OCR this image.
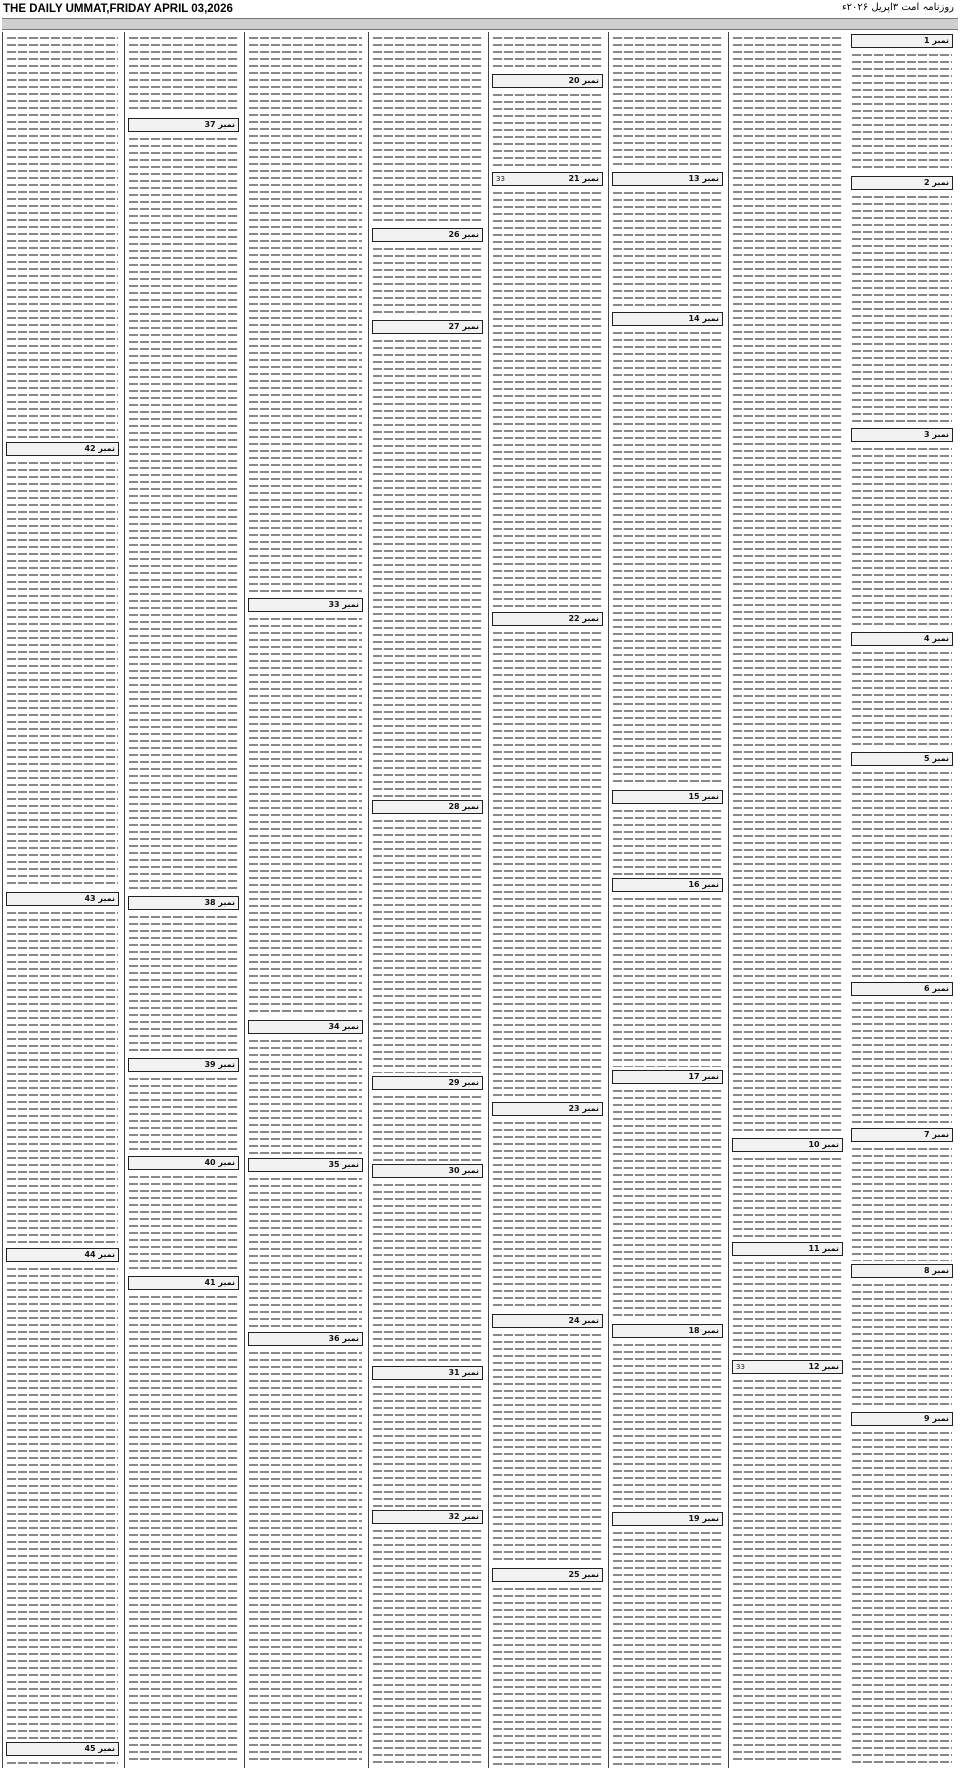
THE DAILY UMMAT,FRIDAY APRIL 03,2026	روزنامہ امت ۳اپریل ۲۰۲۶ء
نمبر 1
نمبر 2
نمبر 3
نمبر 4
نمبر 5
نمبر 6
نمبر 7
نمبر 8
نمبر 9
نمبر 10
نمبر 11
نمبر 12
33
نمبر 13
نمبر 14
نمبر 15
نمبر 16
نمبر 17
نمبر 18
نمبر 19
نمبر 20
نمبر 21
33
نمبر 22
نمبر 23
نمبر 24
نمبر 25
نمبر 26
نمبر 27
نمبر 28
نمبر 29
نمبر 30
نمبر 31
نمبر 32
نمبر 33
نمبر 34
نمبر 35
نمبر 36
نمبر 37
نمبر 38
نمبر 39
نمبر 40
نمبر 41
نمبر 42
نمبر 43
نمبر 44
نمبر 45
